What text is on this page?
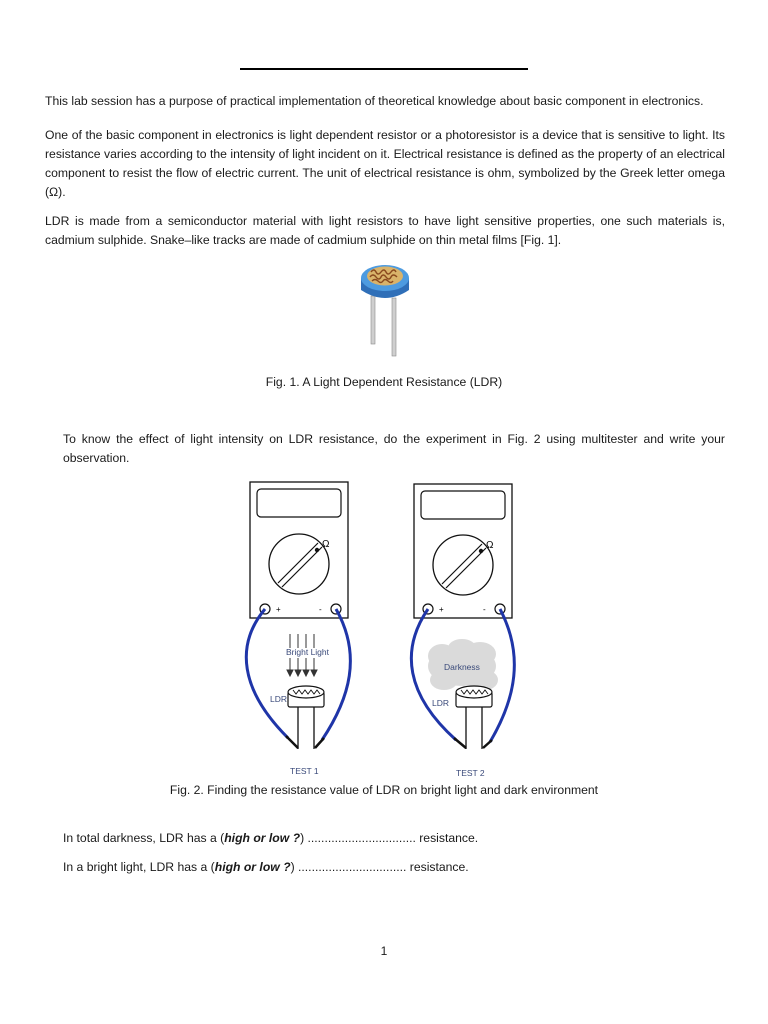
This lab session has a purpose of practical implementation of theoretical knowledge about basic component in electronics.

One of the basic component in electronics is light dependent resistor or a photoresistor is a device that is sensitive to light. Its resistance varies according to the intensity of light incident on it. Electrical resistance is defined as the property of an electrical component to resist the flow of electric current. The unit of electrical resistance is ohm, symbolized by the Greek letter omega (Ω).

LDR is made from a semiconductor material with light resistors to have light sensitive properties, one such materials is, cadmium sulphide. Snake–like tracks are made of cadmium sulphide on thin metal films [Fig. 1].

Fig. 1. A Light Dependent Resistance (LDR)

To know the effect of light intensity on LDR resistance, do the experiment in Fig. 2 using multitester and write your observation.

Ω
+	-
Bright Light
LDR
TEST 1
Ω
+	-
Darkness
LDR
TEST 2

Fig. 2. Finding the resistance value of LDR on bright light and dark environment

In total darkness, LDR has a (high or low ?) ................................ resistance.

In a bright light, LDR has a (high or low ?) ................................ resistance.

1
